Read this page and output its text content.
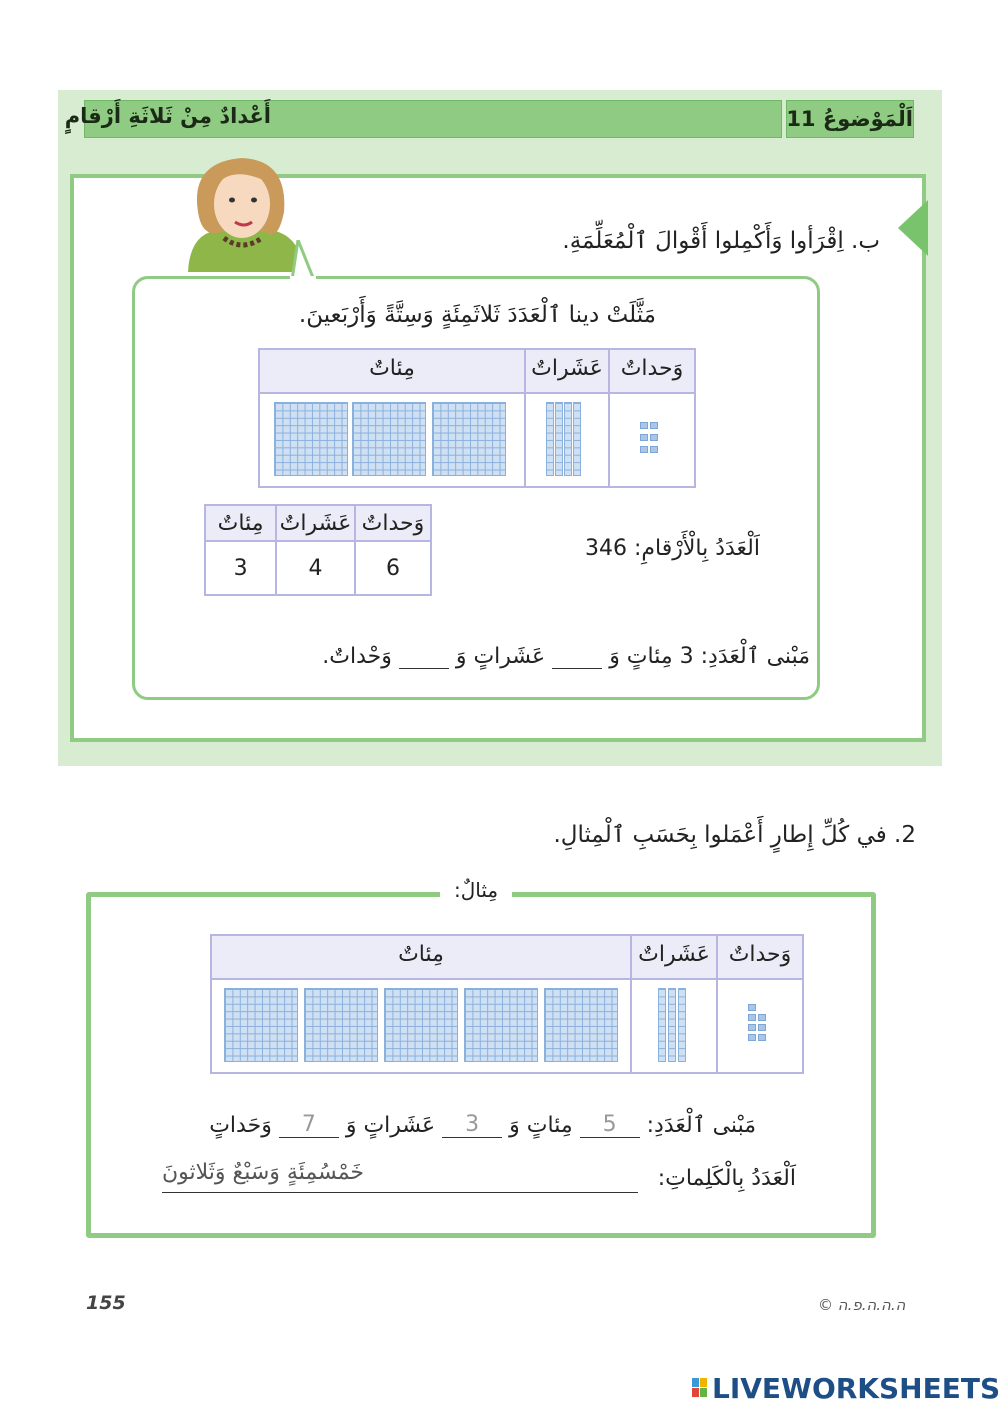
أَعْدادٌ مِنْ ثَلاثَةِ أَرْقامٍ	اَلْمَوْضوعُ 11
ب. اِقْرَأوا وَأَكْمِلوا أَقْوالَ ٱلْمُعَلِّمَةِ.
مَثَّلَتْ دينا ٱلْعَدَدَ ثَلاثَمِئَةٍ وَسِتَّةً وَأَرْبَعينَ.
مِئاتٌ	عَشَراتٌ وَحداتٌ
مِئاتٌ	عَشَراتٌ	وَحداتٌ
3	4	6
اَلْعَدَدُ بِالْأَرْقامِ: 346
مَبْنى ٱلْعَدَدِ: 3 مِئاتٍ وَ  عَشَراتٍ وَ  وَحْداتٌ.
2. في كُلِّ إِطارٍ أَعْمَلوا بِحَسَبِ ٱلْمِثالِ.
مِثالٌ:
مِئاتٌ	عَشَراتٌ وَحداتٌ
مَبْنى ٱلْعَدَدِ: 5 مِئاتٍ وَ 3 عَشَراتٍ وَ 7 وَحَداتٍ
اَلْعَدَدُ بِالْكَلِماتِ:
خَمْسُمِئَةٍ وَسَبْعٌ وَثَلاثونَ
155	© ה.ה.ה.פ.ה
LIVEWORKSHEETS
